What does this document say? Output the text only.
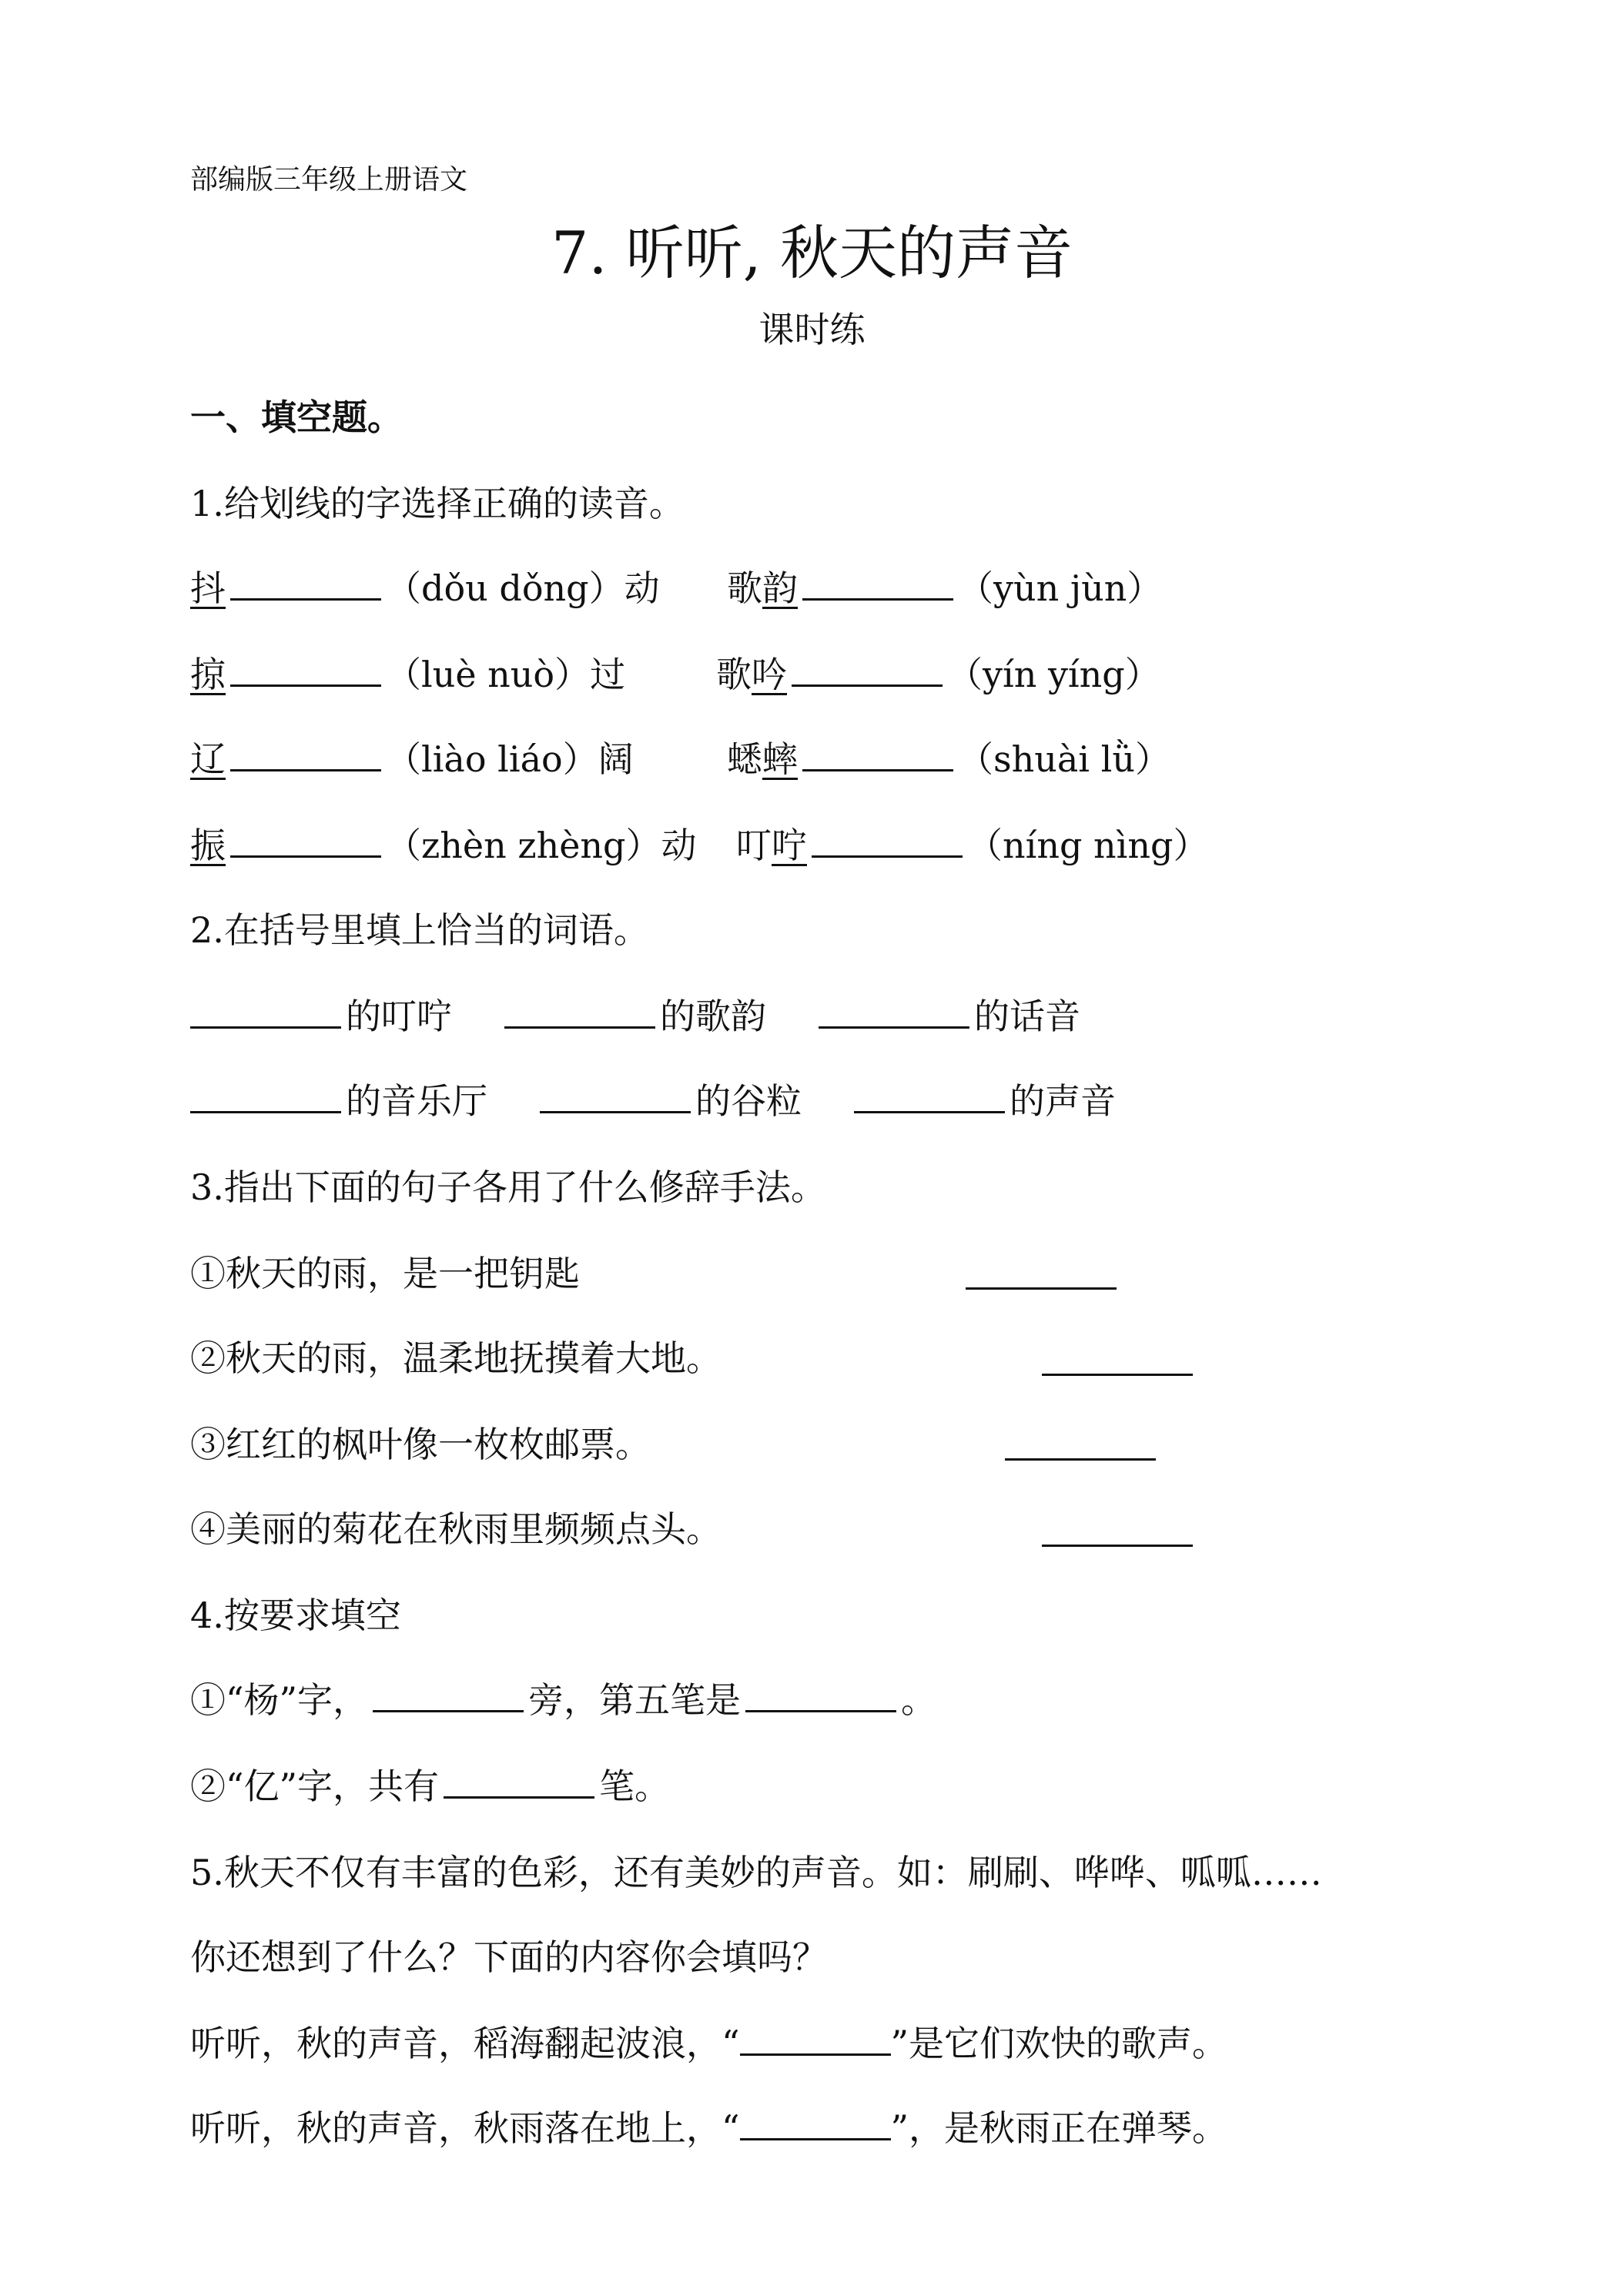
部编版三年级上册语文
7. 听听, 秋天的声音
课时练
一、填空题。
1.给划线的字选择正确的读音。
抖	（dǒu dǒng）动 歌韵	（yùn jùn）
掠	（luè nuò）过	歌吟	（yín yíng）
辽	（liào liáo）阔	蟋蟀	（shuài lǜ）
振	（zhèn zhèng）动 叮咛	（níng nìng）
2.在括号里填上恰当的词语。
的叮咛	的歌韵	的话音
的音乐厅	的谷粒	的声音
3.指出下面的句子各用了什么修辞手法。
①秋天的雨，是一把钥匙
②秋天的雨，温柔地抚摸着大地。
③红红的枫叶像一枚枚邮票。
④美丽的菊花在秋雨里频频点头。
4.按要求填空
①“杨”字，	旁，第五笔是	。
②“亿”字，共有	笔。
5.秋天不仅有丰富的色彩，还有美妙的声音。如：刷刷、哗哗、呱呱……
你还想到了什么？下面的内容你会填吗？
听听，秋的声音，稻海翻起波浪，“	”是它们欢快的歌声。
听听，秋的声音，秋雨落在地上，“	”，是秋雨正在弹琴。
